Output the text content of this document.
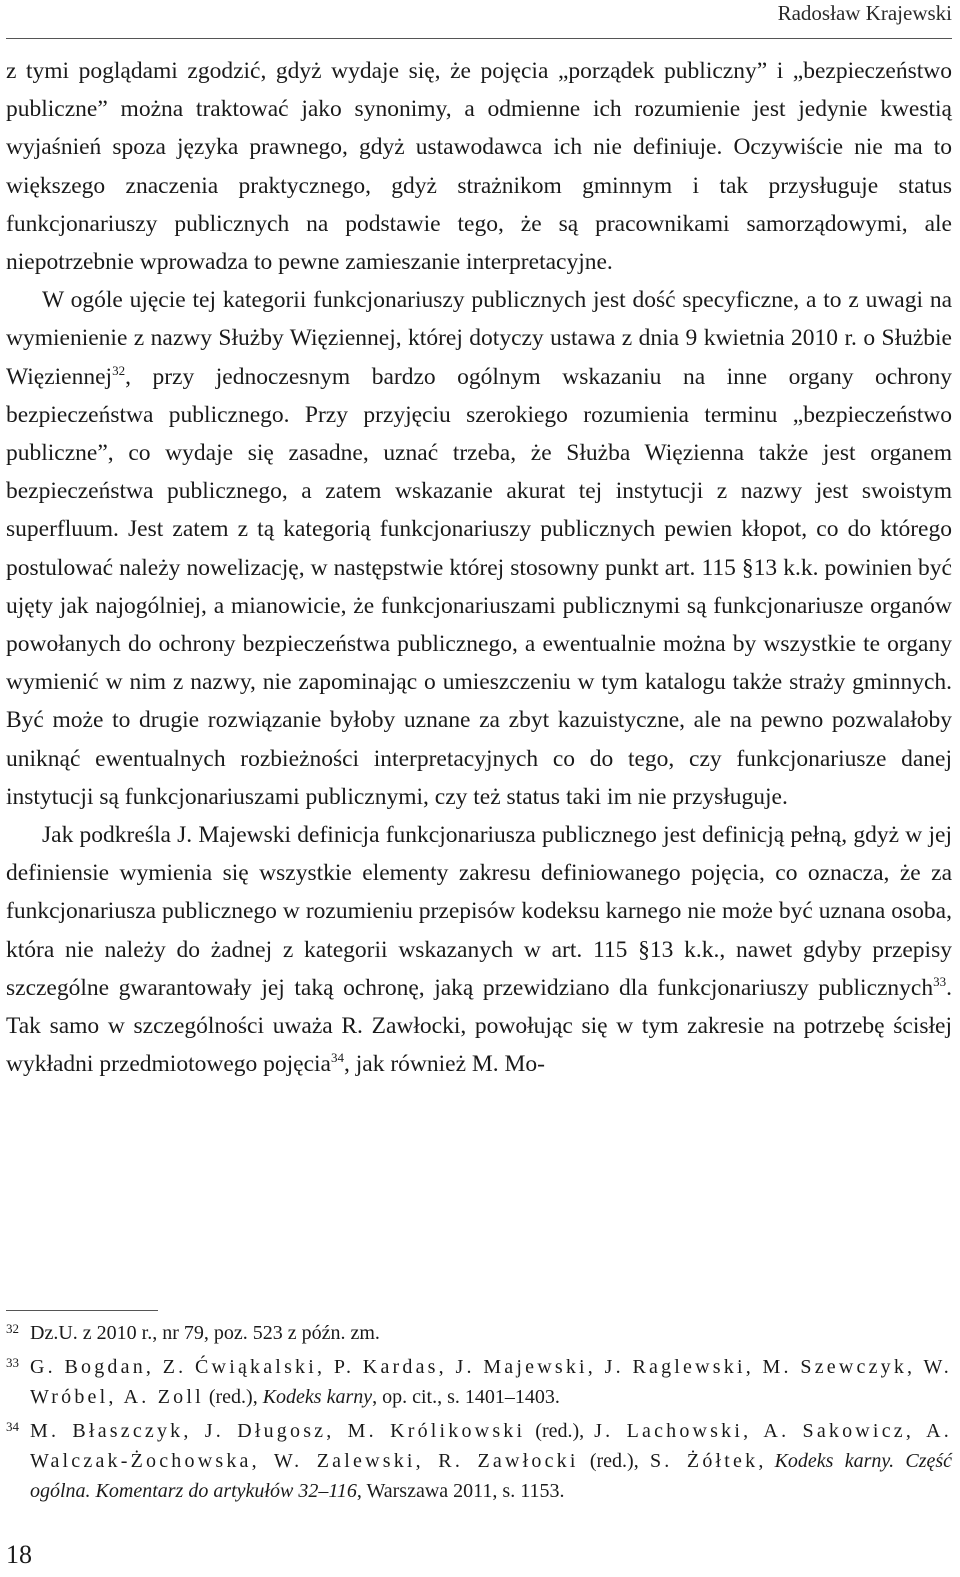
Radosław Krajewski

z tymi poglądami zgodzić, gdyż wydaje się, że pojęcia „porządek publiczny” i „bezpieczeństwo publiczne” można traktować jako synonimy, a odmienne ich rozumienie jest jedynie kwestią wyjaśnień spoza języka prawnego, gdyż ustawodawca ich nie definiuje. Oczywiście nie ma to większego znaczenia praktycznego, gdyż strażnikom gminnym i tak przysługuje status funkcjonariuszy publicznych na podstawie tego, że są pracownikami samorządowymi, ale niepotrzebnie wprowadza to pewne zamieszanie interpretacyjne.

W ogóle ujęcie tej kategorii funkcjonariuszy publicznych jest dość specyficzne, a to z uwagi na wymienienie z nazwy Służby Więziennej, której dotyczy ustawa z dnia 9 kwietnia 2010 r. o Służbie Więziennej$^{32}$, przy jednoczesnym bardzo ogólnym wskazaniu na inne organy ochrony bezpieczeństwa publicznego. Przy przyjęciu szerokiego rozumienia terminu „bezpieczeństwo publiczne”, co wydaje się zasadne, uznać trzeba, że Służba Więzienna także jest organem bezpieczeństwa publicznego, a zatem wskazanie akurat tej instytucji z nazwy jest swoistym superfluum. Jest zatem z tą kategorią funkcjonariuszy publicznych pewien kłopot, co do którego postulować należy nowelizację, w następstwie której stosowny punkt art. 115 §13 k.k. powinien być ujęty jak najogólniej, a mianowicie, że funkcjonariuszami publicznymi są funkcjonariusze organów powołanych do ochrony bezpieczeństwa publicznego, a ewentualnie można by wszystkie te organy wymienić w nim z nazwy, nie zapominając o umieszczeniu w tym katalogu także straży gminnych. Być może to drugie rozwiązanie byłoby uznane za zbyt kazuistyczne, ale na pewno pozwalałoby uniknąć ewentualnych rozbieżności interpretacyjnych co do tego, czy funkcjonariusze danej instytucji są funkcjonariuszami publicznymi, czy też status taki im nie przysługuje.

Jak podkreśla J. Majewski definicja funkcjonariusza publicznego jest definicją pełną, gdyż w jej definiensie wymienia się wszystkie elementy zakresu definiowanego pojęcia, co oznacza, że za funkcjonariusza publicznego w rozumieniu przepisów kodeksu karnego nie może być uznana osoba, która nie należy do żadnej z kategorii wskazanych w art. 115 §13 k.k., nawet gdyby przepisy szczególne gwarantowały jej taką ochronę, jaką przewidziano dla funkcjonariuszy publicznych$^{33}$. Tak samo w szczególności uważa R. Zawłocki, powołując się w tym zakresie na potrzebę ścisłej wykładni przedmiotowego pojęcia$^{34}$, jak również M. Mo-

32 Dz.U. z 2010 r., nr 79, poz. 523 z późn. zm.
33 G. Bogdan, Z. Ćwiąkalski, P. Kardas, J. Majewski, J. Raglewski, M. Szewczyk, W. Wróbel, A. Zoll (red.), Kodeks karny, op. cit., s. 1401–1403.
34 M. Błaszczyk, J. Długosz, M. Królikowski (red.), J. Lachowski, A. Sakowicz, A. Walczak-Żochowska, W. Zalewski, R. Zawłocki (red.), S. Żółtek, Kodeks karny. Część ogólna. Komentarz do artykułów 32–116, Warszawa 2011, s. 1153.
18
